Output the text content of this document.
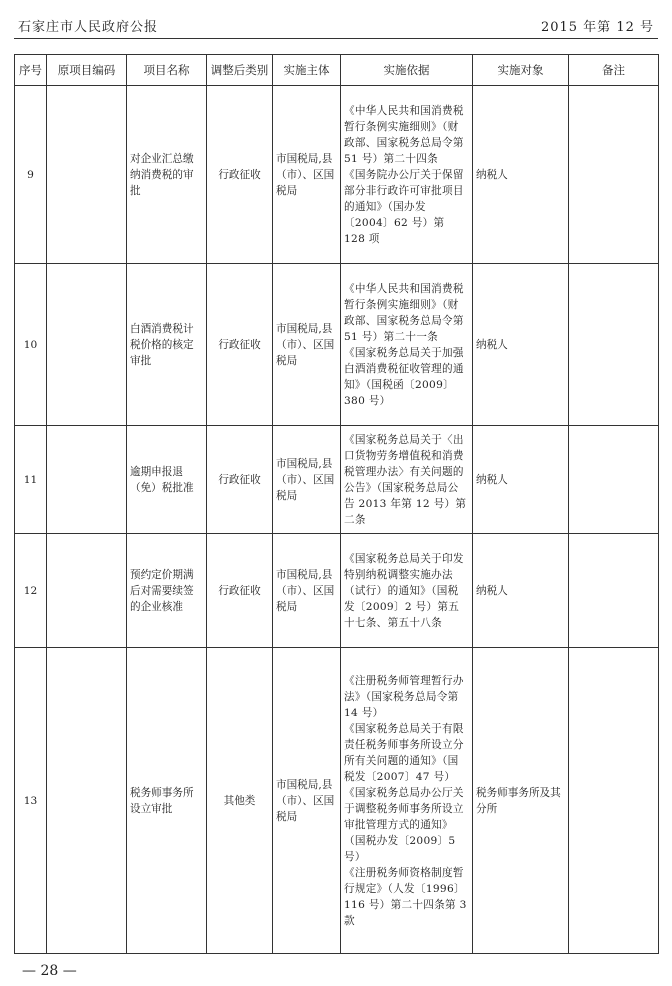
石家庄市人民政府公报	2015 年第 12 号
序号	原项目编码	项目名称	调整后类别	实施主体	实施依据	实施对象	备注
9		对企业汇总缴纳消费税的审批	行政征收	市国税局,县（市）、区国税局	《中华人民共和国消费税暂行条例实施细则》（财政部、国家税务总局令第 51 号）第二十四条
《国务院办公厅关于保留部分非行政许可审批项目的通知》（国办发〔2004〕62 号）第 128 项	纳税人	
10		白酒消费税计税价格的核定审批	行政征收	市国税局,县（市）、区国税局	《中华人民共和国消费税暂行条例实施细则》（财政部、国家税务总局令第 51 号）第二十一条
《国家税务总局关于加强白酒消费税征收管理的通知》（国税函〔2009〕380 号）	纳税人	
11		逾期申报退（免）税批准	行政征收	市国税局,县（市）、区国税局	《国家税务总局关于〈出口货物劳务增值税和消费税管理办法〉有关问题的公告》（国家税务总局公告 2013 年第 12 号）第二条	纳税人	
12		预约定价期满后对需要续签的企业核准	行政征收	市国税局,县（市）、区国税局	《国家税务总局关于印发特别纳税调整实施办法（试行）的通知》（国税发〔2009〕2 号）第五十七条、第五十八条	纳税人	
13		税务师事务所设立审批	其他类	市国税局,县（市）、区国税局	《注册税务师管理暂行办法》（国家税务总局令第 14 号）
《国家税务总局关于有限责任税务师事务所设立分所有关问题的通知》（国税发〔2007〕47 号）
《国家税务总局办公厅关于调整税务师事务所设立审批管理方式的通知》（国税办发〔2009〕5 号）
《注册税务师资格制度暂行规定》（人发〔1996〕116 号）第二十四条第 3 款	税务师事务所及其分所	
— 28 —
